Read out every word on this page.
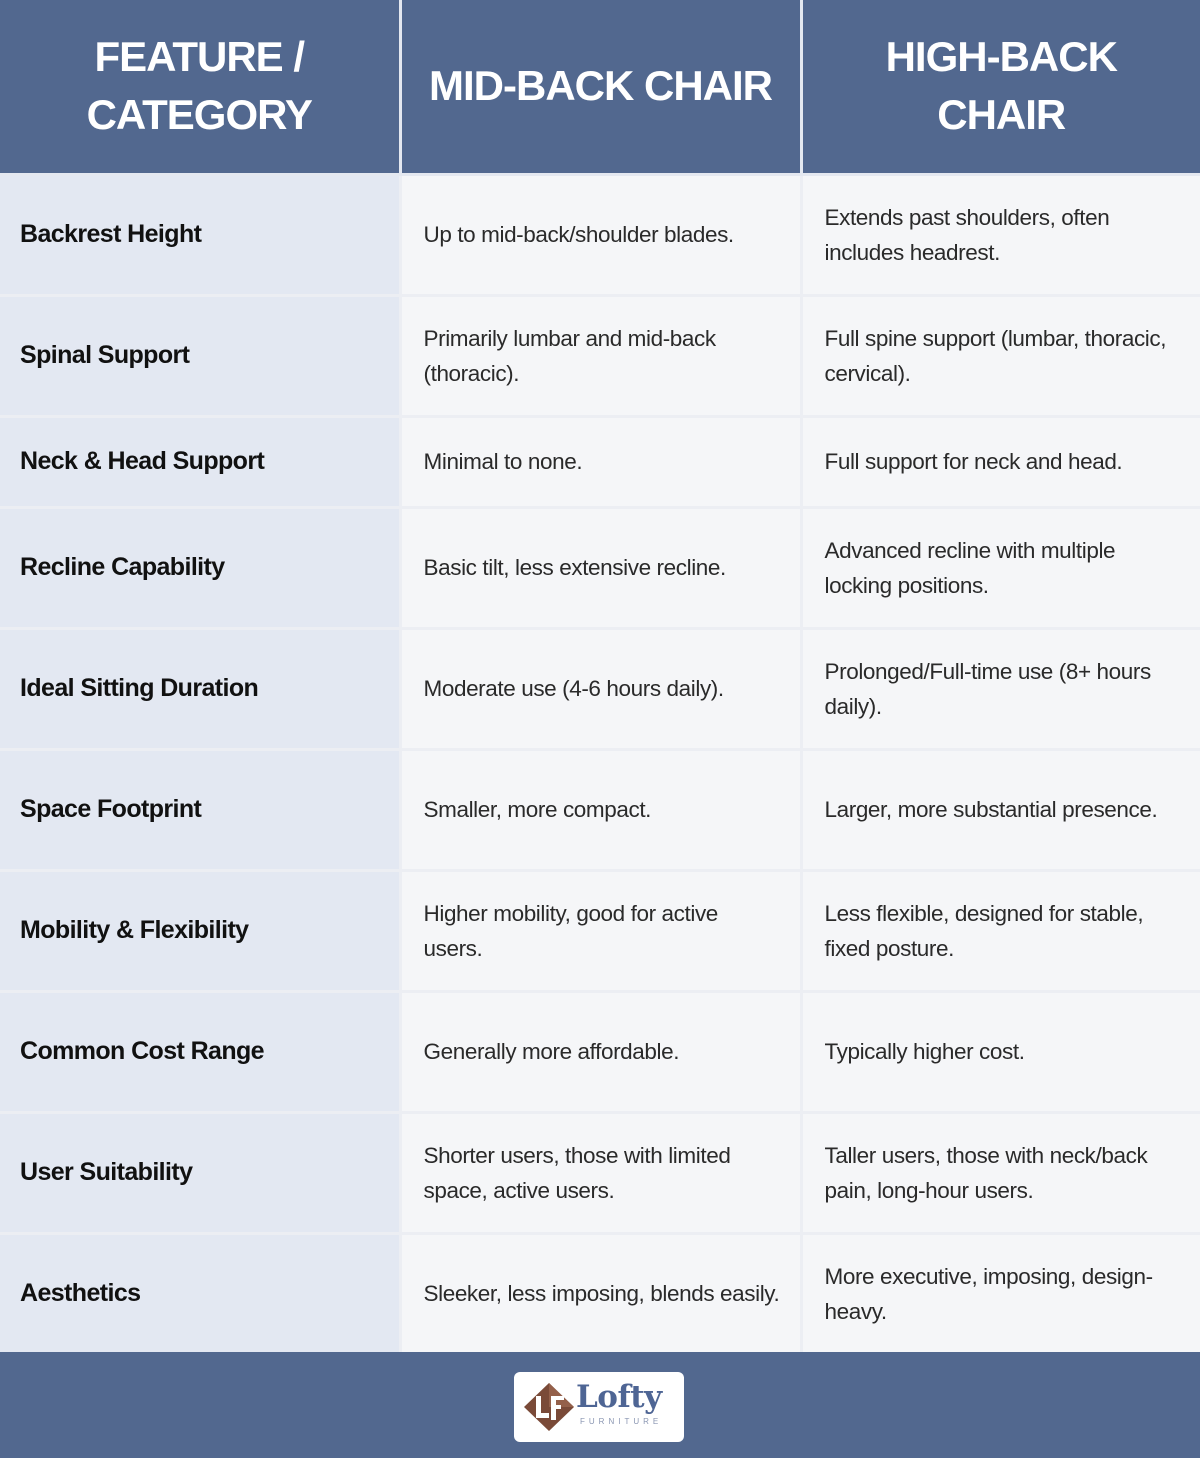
FEATURE /
CATEGORY	MID-BACK CHAIR	HIGH-BACK
CHAIR

Backrest Height	Up to mid-back/shoulder blades.	Extends past shoulders, often includes headrest.
Spinal Support	Primarily lumbar and mid-back (thoracic).	Full spine support (lumbar, thoracic, cervical).
Neck & Head Support	Minimal to none.	Full support for neck and head.
Recline Capability	Basic tilt, less extensive recline.	Advanced recline with multiple locking positions.
Ideal Sitting Duration	Moderate use (4-6 hours daily).	Prolonged/Full-time use (8+ hours daily).
Space Footprint	Smaller, more compact.	Larger, more substantial presence.
Mobility & Flexibility	Higher mobility, good for active users.	Less flexible, designed for stable, fixed posture.
Common Cost Range	Generally more affordable.	Typically higher cost.
User Suitability	Shorter users, those with limited space, active users.	Taller users, those with neck/back pain, long-hour users.
Aesthetics	Sleeker, less imposing, blends easily.	More executive, imposing, design-heavy.
Lofty
FURNITURE
